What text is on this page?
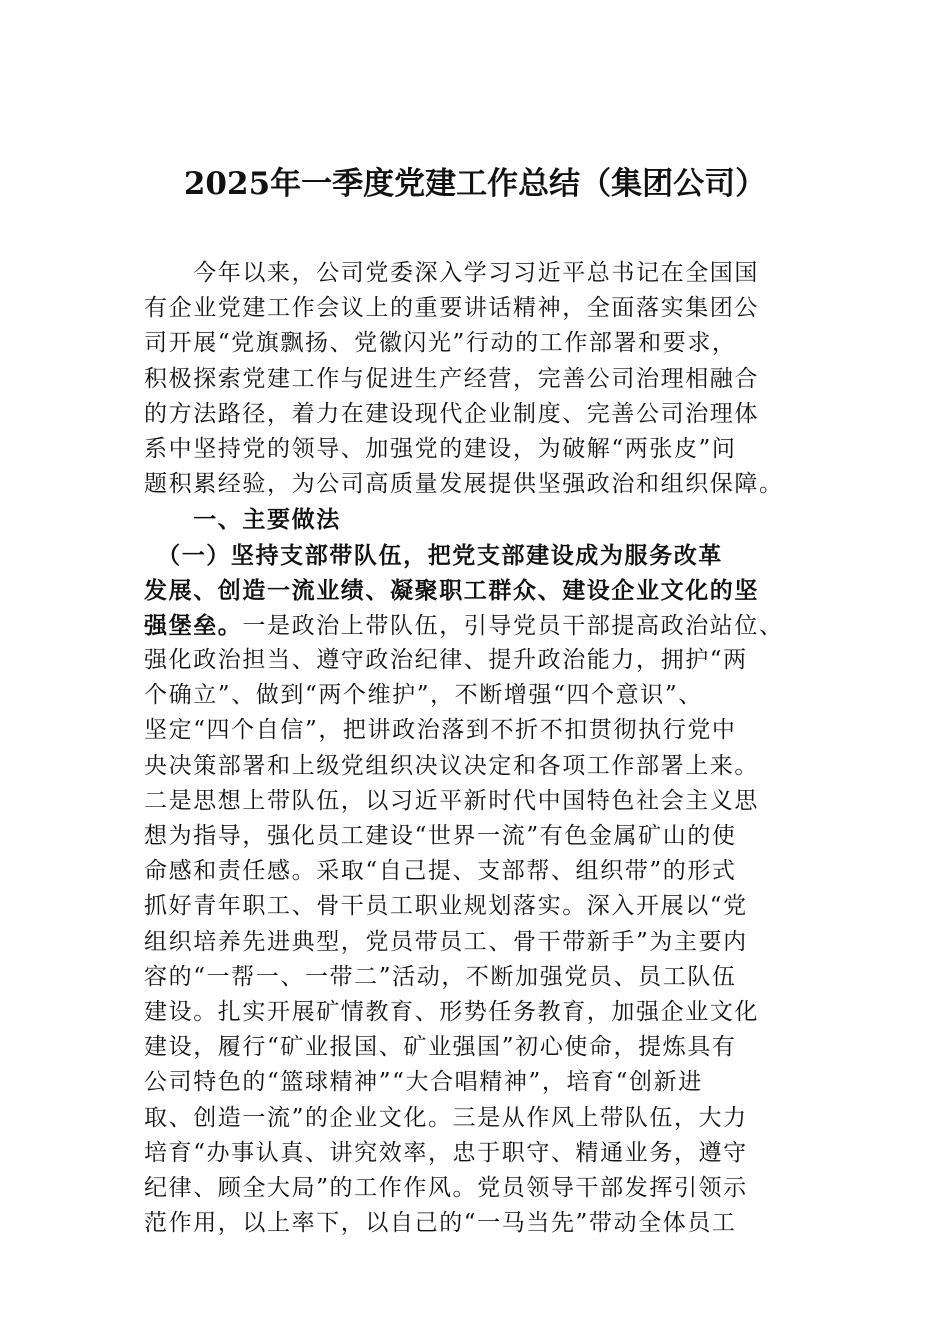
2025年一季度党建工作总结（集团公司）
　　今年以来，公司党委深入学习习近平总书记在全国国
有企业党建工作会议上的重要讲话精神，全面落实集团公
司开展“党旗飘扬、党徽闪光”行动的工作部署和要求，
积极探索党建工作与促进生产经营，完善公司治理相融合
的方法路径，着力在建设现代企业制度、完善公司治理体
系中坚持党的领导、加强党的建设，为破解“两张皮”问
题积累经验，为公司高质量发展提供坚强政治和组织保障。
　　一、主要做法
　（一）坚持支部带队伍，把党支部建设成为服务改革
发展、创造一流业绩、凝聚职工群众、建设企业文化的坚
强堡垒。一是政治上带队伍，引导党员干部提高政治站位、
强化政治担当、遵守政治纪律、提升政治能力，拥护“两
个确立”、做到“两个维护”，不断增强“四个意识”、
坚定“四个自信”，把讲政治落到不折不扣贯彻执行党中
央决策部署和上级党组织决议决定和各项工作部署上来。
二是思想上带队伍，以习近平新时代中国特色社会主义思
想为指导，强化员工建设“世界一流”有色金属矿山的使
命感和责任感。采取“自己提、支部帮、组织带”的形式
抓好青年职工、骨干员工职业规划落实。深入开展以“党
组织培养先进典型，党员带员工、骨干带新手”为主要内
容的“一帮一、一带二”活动，不断加强党员、员工队伍
建设。扎实开展矿情教育、形势任务教育，加强企业文化
建设，履行“矿业报国、矿业强国”初心使命，提炼具有
公司特色的“篮球精神”“大合唱精神”，培育“创新进
取、创造一流”的企业文化。三是从作风上带队伍，大力
培育“办事认真、讲究效率，忠于职守、精通业务，遵守
纪律、顾全大局”的工作作风。党员领导干部发挥引领示
范作用，以上率下，以自己的“一马当先”带动全体员工
